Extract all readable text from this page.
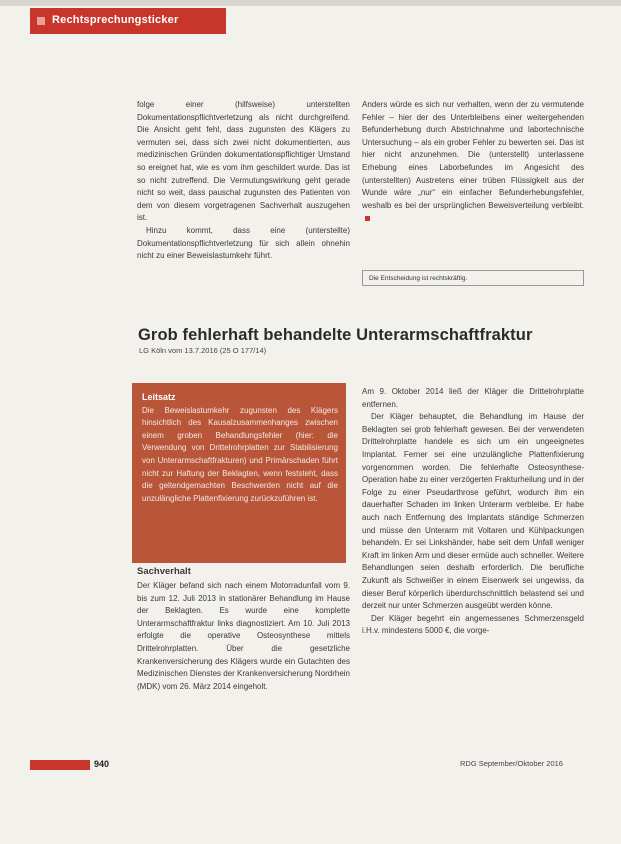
Rechtsprechungsticker

folge einer (hilfsweise) unterstellten Dokumentationspflichtverletzung als nicht durchgreifend. Die Ansicht geht fehl, dass zugunsten des Klägers zu vermuten sei, dass sich zwei nicht dokumentierten, aus medizinischen Gründen dokumentationspflichtiger Umstand so ereignet hat, wie es vom ihm geschildert wurde. Das ist so nicht zutreffend. Die Vermutungswirkung geht gerade nicht so weit, dass pauschal zugunsten des Patienten von dem von diesem vorgetragenen Sachverhalt auszugehen ist.

Hinzu kommt, dass eine (unterstellte) Dokumentationspflichtverletzung für sich allein ohnehin nicht zu einer Beweislastumkehr führt.

Anders würde es sich nur verhalten, wenn der zu vermutende Fehler – hier der des Unterbleibens einer weitergehenden Befunderhebung durch Abstrichnahme und labortechnische Untersuchung – als ein grober Fehler zu bewerten sei. Das ist hier nicht anzunehmen. Die (unterstellt) unterlassene Erhebung eines Laborbefundes im Angesicht des (unterstellten) Austretens einer trüben Flüssigkeit aus der Wunde wäre „nur“ ein einfacher Befunderhebungsfehler, weshalb es bei der ursprünglichen Beweisverteilung verbleibt.

Die Entscheidung ist rechtskräftig.
Grob fehlerhaft behandelte Unterarmschaftfraktur
LG Köln vom 13.7.2016 (25 O 177/14)
Leitsatz
Die Beweislastumkehr zugunsten des Klägers hinsichtlich des Kausalzusammenhanges zwischen einem groben Behandlungsfehler (hier: die Verwendung von Drittelrohrplatten zur Stabilisierung von Unterarmschaftfrakturen) und Primärschaden führt nicht zur Haftung der Beklagten, wenn feststeht, dass die geltendgemachten Beschwerden nicht auf die unzulängliche Plattenfixierung zurückzuführen ist.
Sachverhalt
Der Kläger befand sich nach einem Motorradunfall vom 9. bis zum 12. Juli 2013 in stationärer Behandlung im Hause der Beklagten. Es wurde eine komplette Unterarmschaftfraktur links diagnostiziert. Am 10. Juli 2013 erfolgte die operative Osteosynthese mittels Drittelrohrplatten. Über die gesetzliche Krankenversicherung des Klägers wurde ein Gutachten des Medizinischen Dienstes der Krankenversicherung Nordrhein (MDK) vom 26. März 2014 eingeholt.

Am 9. Oktober 2014 ließ der Kläger die Drittelrohrplatte entfernen.

Der Kläger behauptet, die Behandlung im Hause der Beklagten sei grob fehlerhaft gewesen. Bei der verwendeten Drittelrohrplatte handele es sich um ein ungeeignetes Implantat. Ferner sei eine unzulängliche Plattenfixierung vorgenommen worden. Die fehlerhafte Osteosynthese-Operation habe zu einer verzögerten Frakturheilung und in der Folge zu einer Pseudarthrose geführt, wodurch ihm ein dauerhafter Schaden im linken Unterarm verbleibe. Er habe auch nach Entfernung des Implantats ständige Schmerzen und müsse den Unterarm mit Voltaren und Kühlpackungen behandeln. Er sei Linkshänder, habe seit dem Unfall weniger Kraft im linken Arm und dieser ermüde auch schneller. Weitere Behandlungen seien deshalb erforderlich. Die berufliche Zukunft als Schweißer in einem Eisenwerk sei ungewiss, da dieser Beruf körperlich überdurchschnittlich belastend sei und derzeit nur unter Schmerzen ausgeübt werden könne.

Der Kläger begehrt ein angemessenes Schmerzensgeld i.H.v. mindestens 5000 €, die vorge-

940	RDG September/Oktober 2016
